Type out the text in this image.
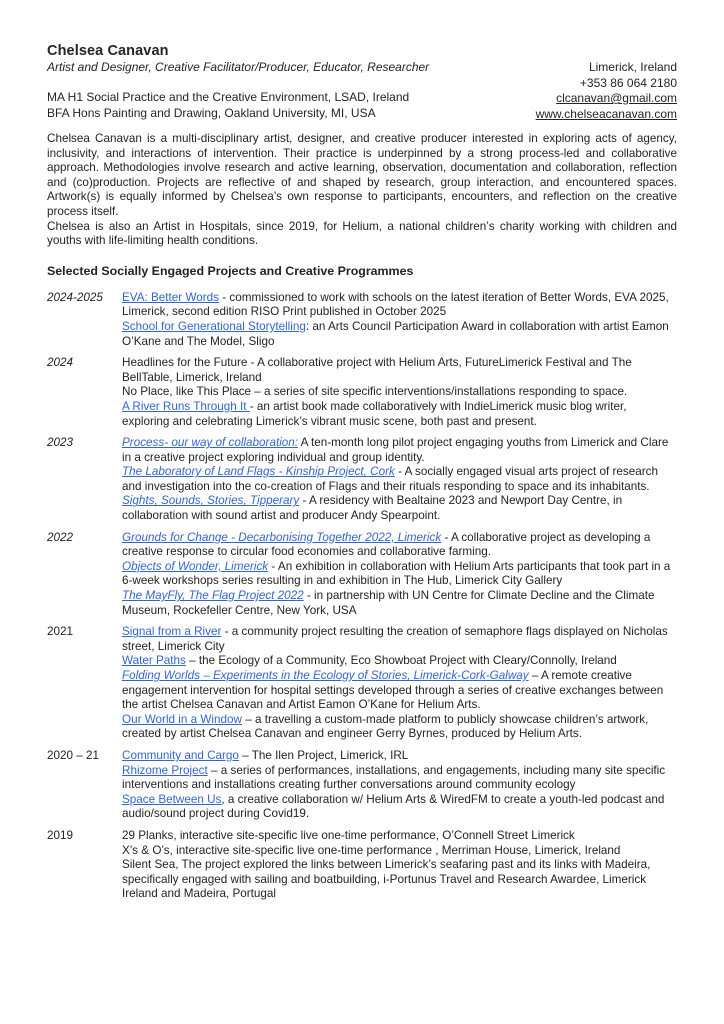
Chelsea Canavan
Artist and Designer, Creative Facilitator/Producer, Educator, Researcher
MA H1 Social Practice and the Creative Environment, LSAD, Ireland
BFA Hons Painting and Drawing, Oakland University, MI, USA
Limerick, Ireland
+353 86 064 2180
clcanavan@gmail.com
www.chelseacanavan.com

Chelsea Canavan is a multi-disciplinary artist, designer, and creative producer interested in exploring acts of agency, inclusivity, and interactions of intervention. Their practice is underpinned by a strong process-led and collaborative approach. Methodologies involve research and active learning, observation, documentation and collaboration, reflection and (co)production. Projects are reflective of and shaped by research, group interaction, and encountered spaces. Artwork(s) is equally informed by Chelsea’s own response to participants, encounters, and reflection on the creative process itself.

Chelsea is also an Artist in Hospitals, since 2019, for Helium, a national children’s charity working with children and youths with life-limiting health conditions.

Selected Socially Engaged Projects and Creative Programmes
2024-2025	EVA: Better Words - commissioned to work with schools on the latest iteration of Better Words, EVA 2025, Limerick, second edition RISO Print published in October 2025
School for Generational Storytelling: an Arts Council Participation Award in collaboration with artist Eamon O’Kane and The Model, Sligo
2024	Headlines for the Future - A collaborative project with Helium Arts, FutureLimerick Festival and The BellTable, Limerick, Ireland
No Place, like This Place – a series of site specific interventions/installations responding to space.
A River Runs Through It - an artist book made collaboratively with IndieLimerick music blog writer, exploring and celebrating Limerick’s vibrant music scene, both past and present.
2023	Process- our way of collaboration: A ten-month long pilot project engaging youths from Limerick and Clare in a creative project exploring individual and group identity.
The Laboratory of Land Flags - Kinship Project, Cork - A socially engaged visual arts project of research and investigation into the co-creation of Flags and their rituals responding to space and its inhabitants.
Sights, Sounds, Stories, Tipperary - A residency with Bealtaine 2023 and Newport Day Centre, in collaboration with sound artist and producer Andy Spearpoint.
2022	Grounds for Change - Decarbonising Together 2022, Limerick - A collaborative project as developing a creative response to circular food economies and collaborative farming.
Objects of Wonder, Limerick - An exhibition in collaboration with Helium Arts participants that took part in a 6-week workshops series resulting in and exhibition in The Hub, Limerick City Gallery
The MayFly, The Flag Project 2022 - in partnership with UN Centre for Climate Decline and the Climate Museum, Rockefeller Centre, New York, USA
2021	Signal from a River - a community project resulting the creation of semaphore flags displayed on Nicholas street, Limerick City
Water Paths – the Ecology of a Community, Eco Showboat Project with Cleary/Connolly, Ireland
Folding Worlds – Experiments in the Ecology of Stories, Limerick-Cork-Galway – A remote creative engagement intervention for hospital settings developed through a series of creative exchanges between the artist Chelsea Canavan and Artist Eamon O’Kane for Helium Arts.
Our World in a Window – a travelling a custom-made platform to publicly showcase children’s artwork, created by artist Chelsea Canavan and engineer Gerry Byrnes, produced by Helium Arts.
2020 – 21	Community and Cargo – The Ilen Project, Limerick, IRL
Rhizome Project – a series of performances, installations, and engagements, including many site specific interventions and installations creating further conversations around community ecology
Space Between Us, a creative collaboration w/ Helium Arts & WiredFM to create a youth-led podcast and audio/sound project during Covid19.
2019	29 Planks, interactive site-specific live one-time performance, O’Connell Street Limerick
X’s & O’s, interactive site-specific live one-time performance , Merriman House, Limerick, Ireland
Silent Sea, The project explored the links between Limerick’s seafaring past and its links with Madeira, specifically engaged with sailing and boatbuilding, i-Portunus Travel and Research Awardee, Limerick Ireland and Madeira, Portugal
